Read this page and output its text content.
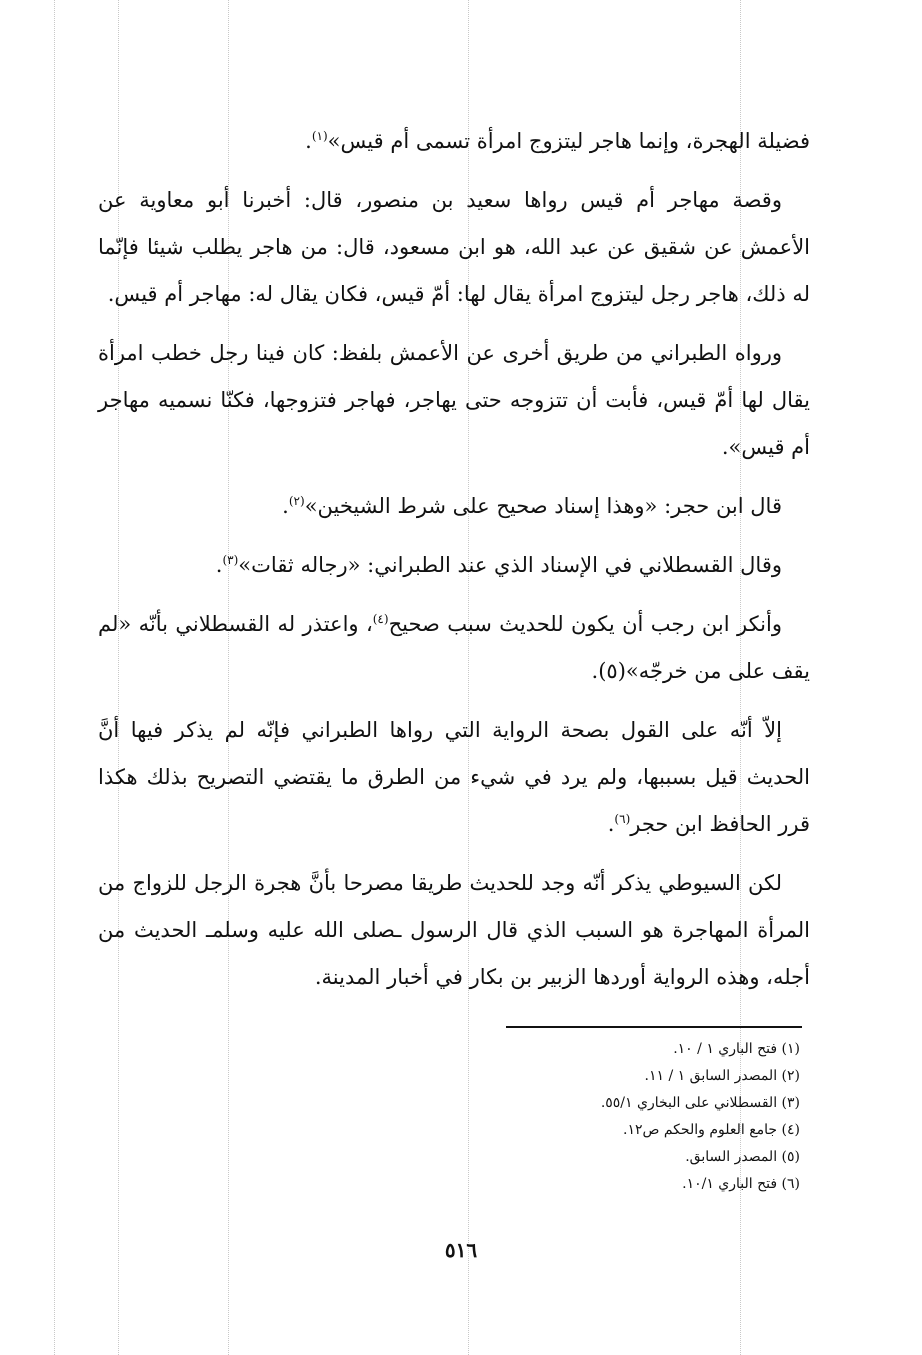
فضيلة الهجرة، وإنما هاجر ليتزوج امرأة تسمى أم قيس»$^{(١)}$.

وقصة مهاجر أم قيس رواها سعيد بن منصور، قال: أخبرنا أبو معاوية عن الأعمش عن شقيق عن عبد الله، هو ابن مسعود، قال: من هاجر يطلب شيئا فإنّما له ذلك، هاجر رجل ليتزوج امرأة يقال لها: أمّ قيس، فكان يقال له: مهاجر أم قيس.

ورواه الطبراني من طريق أخرى عن الأعمش بلفظ: كان فينا رجل خطب امرأة يقال لها أمّ قيس، فأبت أن تتزوجه حتى يهاجر، فهاجر فتزوجها، فكنّا نسميه مهاجر أم قيس».

قال ابن حجر: «وهذا إسناد صحيح على شرط الشيخين»$^{(٢)}$.

وقال القسطلاني في الإسناد الذي عند الطبراني: «رجاله ثقات»$^{(٣)}$.

وأنكر ابن رجب أن يكون للحديث سبب صحيح$^{(٤)}$، واعتذر له القسطلاني بأنّه «لم يقف على من خرجّه»(٥).

إلاّ أنّه على القول بصحة الرواية التي رواها الطبراني فإنّه لم يذكر فيها أنَّ الحديث قيل بسببها، ولم يرد في شيء من الطرق ما يقتضي التصريح بذلك هكذا قرر الحافظ ابن حجر$^{(٦)}$.

لكن السيوطي يذكر أنّه وجد للحديث طريقا مصرحا بأنَّ هجرة الرجل للزواج من المرأة المهاجرة هو السبب الذي قال الرسول ـصلى الله عليه وسلمـ الحديث من أجله، وهذه الرواية أوردها الزبير بن بكار في أخبار المدينة.

(١) فتح الباري ١ / ١٠.
(٢) المصدر السابق ١ / ١١.
(٣) القسطلاني على البخاري ٥٥/١.
(٤) جامع العلوم والحكم ص١٢.
(٥) المصدر السابق.
(٦) فتح الباري ١٠/١.
٥١٦
